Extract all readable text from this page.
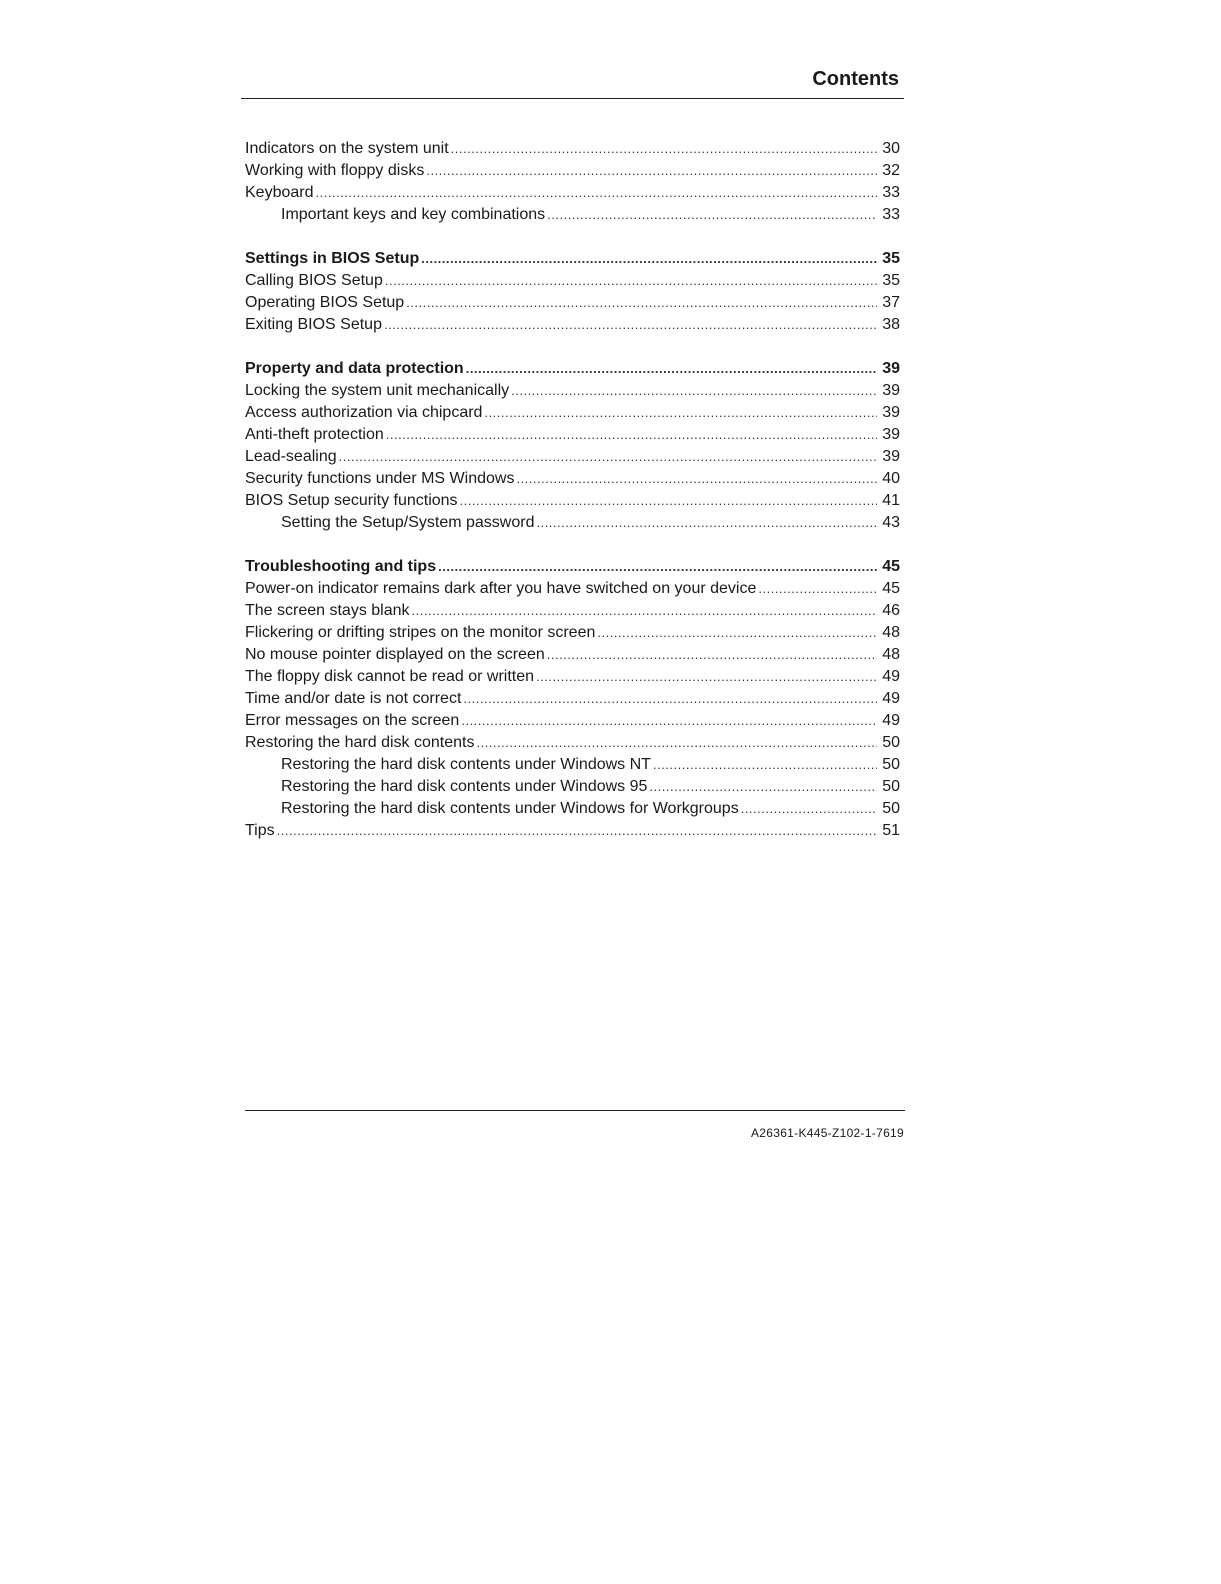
Contents
Indicators on the system unit .....	30
Working with floppy disks .....	32
Keyboard .....	33
Important keys and key combinations .....	33
Settings in BIOS Setup .....	35
Calling BIOS Setup .....	35
Operating BIOS Setup .....	37
Exiting BIOS Setup .....	38
Property and data protection .....	39
Locking the system unit mechanically .....	39
Access authorization via chipcard .....	39
Anti-theft protection .....	39
Lead-sealing .....	39
Security functions under MS Windows .....	40
BIOS Setup security functions .....	41
Setting the Setup/System password .....	43
Troubleshooting and tips .....	45
Power-on indicator remains dark after you have switched on your device .....	45
The screen stays blank .....	46
Flickering or drifting stripes on the monitor screen .....	48
No mouse pointer displayed on the screen .....	48
The floppy disk cannot be read or written .....	49
Time and/or date is not correct .....	49
Error messages on the screen .....	49
Restoring the hard disk contents .....	50
Restoring the hard disk contents under Windows NT .....	50
Restoring the hard disk contents under Windows 95 .....	50
Restoring the hard disk contents under Windows for Workgroups .....	50
Tips .....	51
A26361-K445-Z102-1-7619
